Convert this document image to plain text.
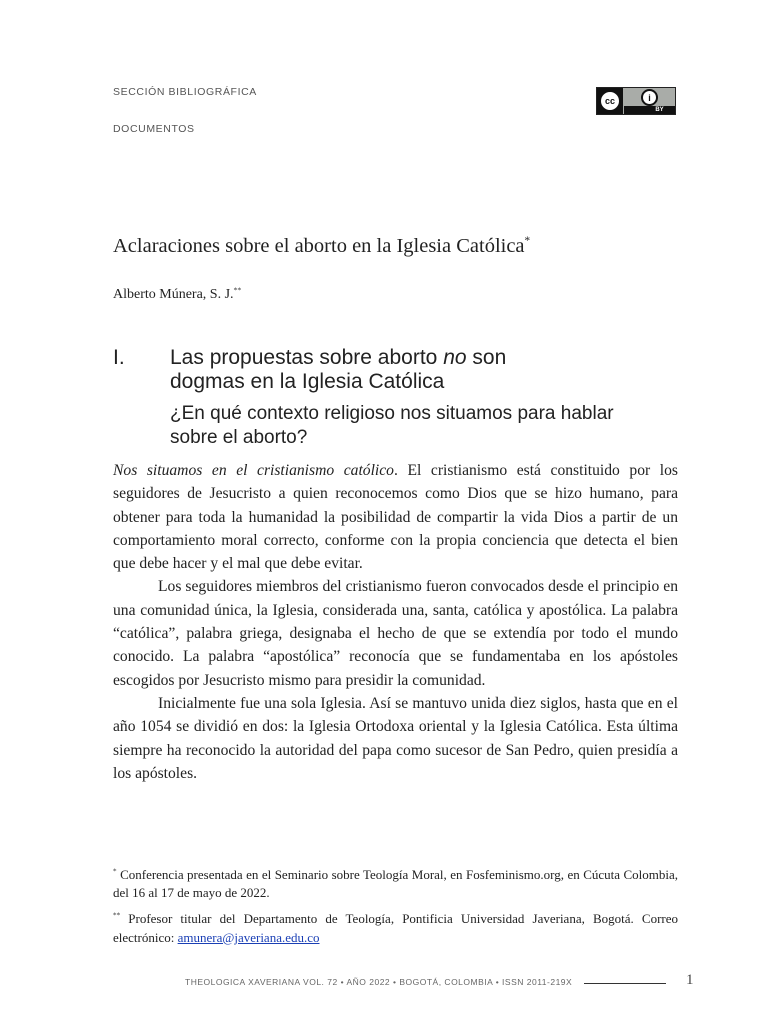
SECCIÓN BIBLIOGRÁFICA
DOCUMENTOS
cc	i
BY
Aclaraciones sobre el aborto en la Iglesia Católica*
Alberto Múnera, S. J.**
I. Las propuestas sobre aborto no son
dogmas en la Iglesia Católica
¿En qué contexto religioso nos situamos para hablar sobre el aborto?

Nos situamos en el cristianismo católico. El cristianismo está constituido por los seguidores de Jesucristo a quien reconocemos como Dios que se hizo humano, para obtener para toda la humanidad la posibilidad de compartir la vida Dios a partir de un comportamiento moral correcto, conforme con la propia conciencia que detecta el bien que debe hacer y el mal que debe evitar.

Los seguidores miembros del cristianismo fueron convocados desde el principio en una comunidad única, la Iglesia, considerada una, santa, católica y apostólica. La palabra “católica”, palabra griega, designaba el hecho de que se extendía por todo el mundo conocido. La palabra “apostólica” reconocía que se fundamentaba en los apóstoles escogidos por Jesucristo mismo para presidir la comunidad.

Inicialmente fue una sola Iglesia. Así se mantuvo unida diez siglos, hasta que en el año 1054 se dividió en dos: la Iglesia Ortodoxa oriental y la Iglesia Católica. Esta última siempre ha reconocido la autoridad del papa como sucesor de San Pedro, quien presidía a los apóstoles.

* Conferencia presentada en el Seminario sobre Teología Moral, en Fosfeminismo.org, en Cúcuta Colombia, del 16 al 17 de mayo de 2022.

** Profesor titular del Departamento de Teología, Pontificia Universidad Javeriana, Bogotá. Correo electrónico: amunera@javeriana.edu.co

THEOLOGICA XAVERIANA VOL. 72 • AÑO 2022 • BOGOTÁ, COLOMBIA • ISSN 2011-219X	1
